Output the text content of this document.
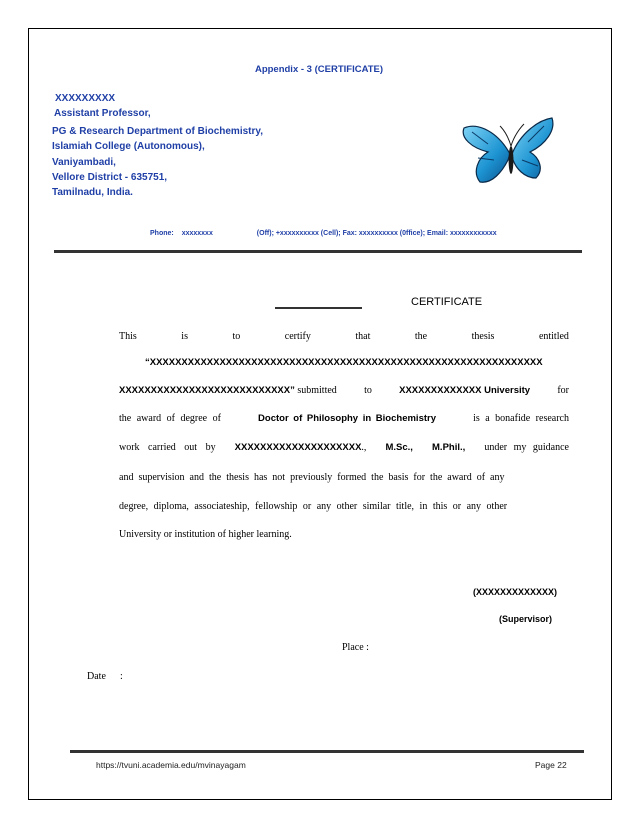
Appendix - 3 (CERTIFICATE)
XXXXXXXXX
Assistant Professor,
PG & Research Department of Biochemistry,
Islamiah College (Autonomous),
Vaniyambadi,
Vellore District - 635751,
Tamilnadu, India.
Phone: xxxxxxxx	(Off); +xxxxxxxxxx (Cell); Fax: xxxxxxxxxx (0ffice); Email: xxxxxxxxxxxx
CERTIFICATE
This	is	to	certify	that	the	thesis	entitled
“XXXXXXXXXXXXXXXXXXXXXXXXXXXXXXXXXXXXXXXXXXXXXXXXXXXXXXXXXXXXXX
XXXXXXXXXXXXXXXXXXXXXXXXXXX” submitted	to	XXXXXXXXXXXXX University	for
the award of degree of	Doctor of Philosophy in Biochemistry	is a bonafide research
work carried out by XXXXXXXXXXXXXXXXXXXX., M.Sc., M.Phil., under my guidance
and supervision and the thesis has not previously formed the basis for the award of any
degree, diploma, associateship, fellowship or any other similar title, in this or any other
University or institution of higher learning.
(XXXXXXXXXXXXX)
(Supervisor)
Place :
Date :
https://tvuni.academia.edu/mvinayagam	Page 22
